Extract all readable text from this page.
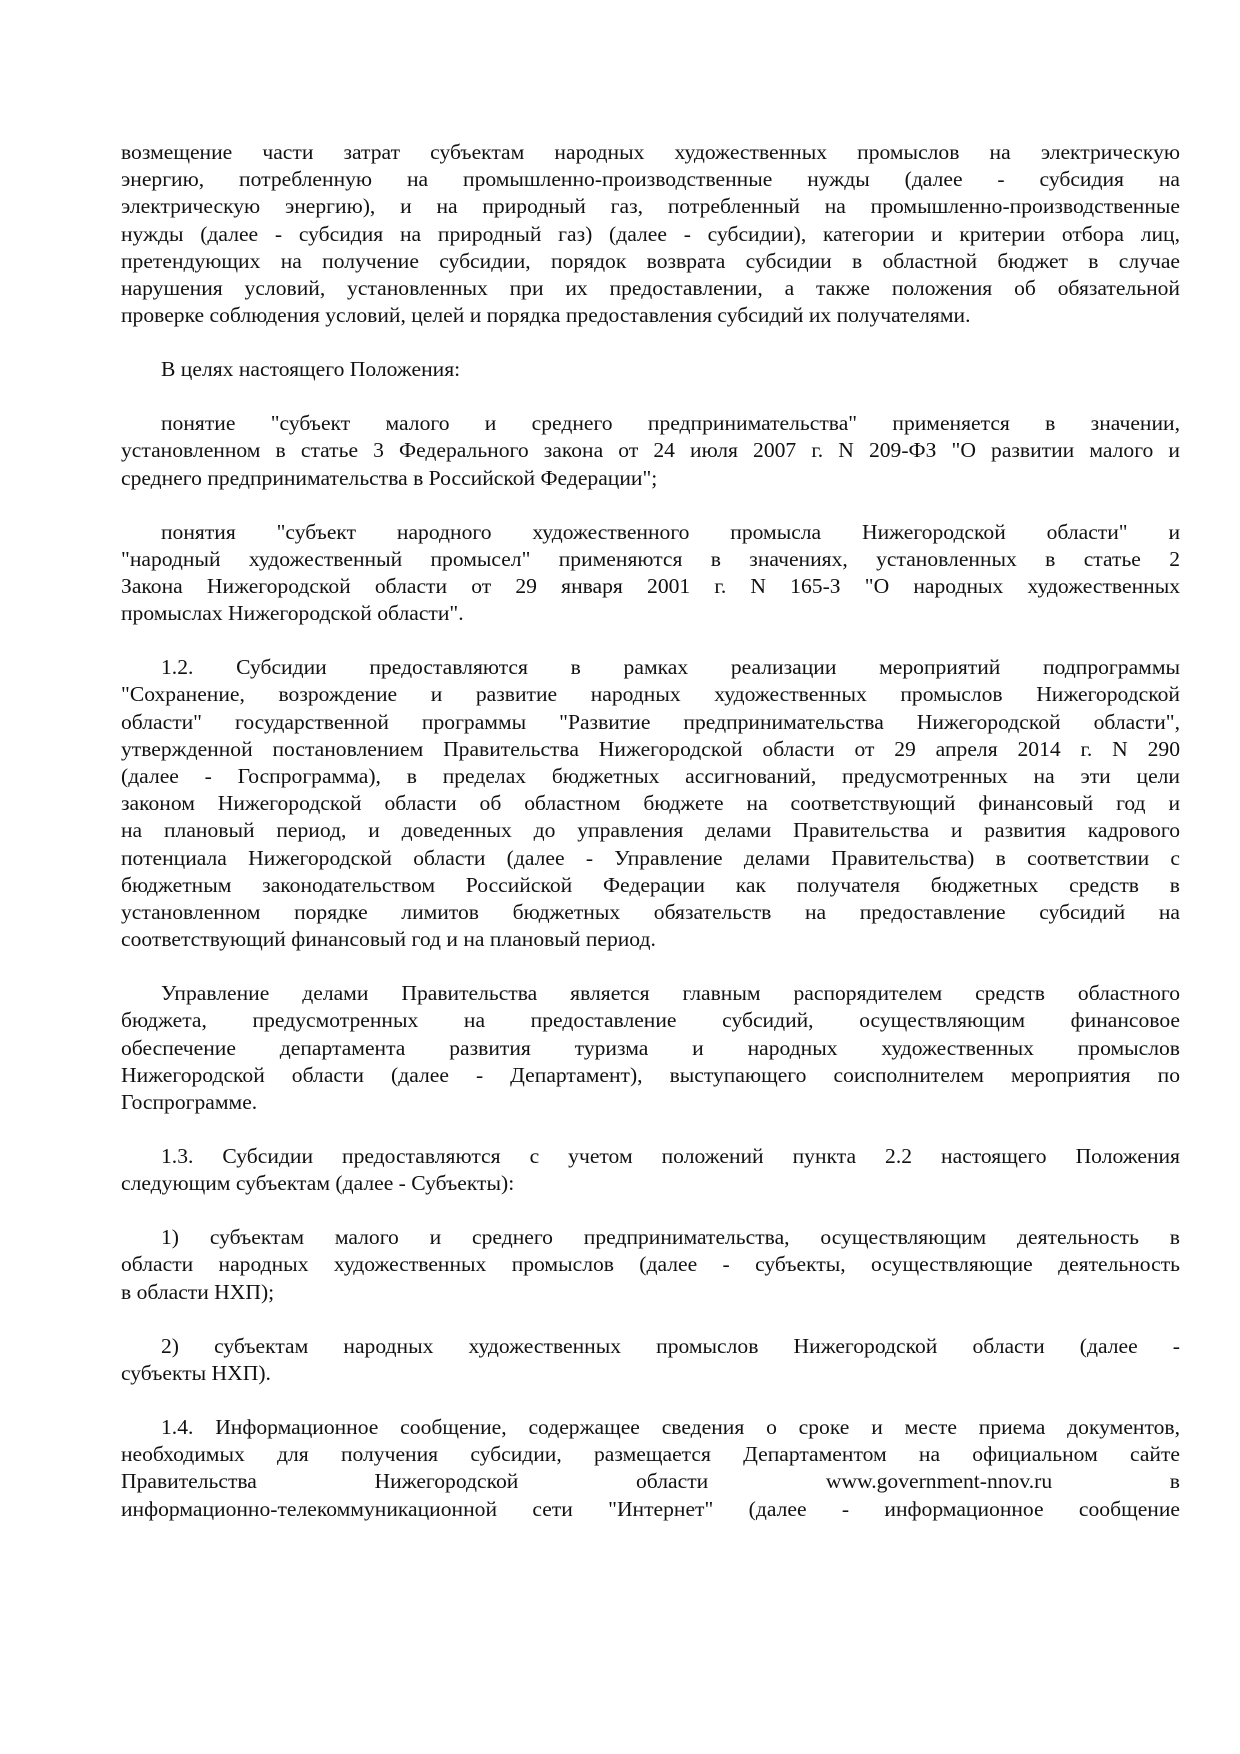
возмещение части затрат субъектам народных художественных промыслов на электрическую
энергию, потребленную на промышленно-производственные нужды (далее - субсидия на
электрическую энергию), и на природный газ, потребленный на промышленно-производственные
нужды (далее - субсидия на природный газ) (далее - субсидии), категории и критерии отбора лиц,
претендующих на получение субсидии, порядок возврата субсидии в областной бюджет в случае
нарушения условий, установленных при их предоставлении, а также положения об обязательной
проверке соблюдения условий, целей и порядка предоставления субсидий их получателями.
В целях настоящего Положения:
понятие "субъект малого и среднего предпринимательства" применяется в значении,
установленном в статье 3 Федерального закона от 24 июля 2007 г. N 209-ФЗ "О развитии малого и
среднего предпринимательства в Российской Федерации";
понятия "субъект народного художественного промысла Нижегородской области" и
"народный художественный промысел" применяются в значениях, установленных в статье 2
Закона Нижегородской области от 29 января 2001 г. N 165-З "О народных художественных
промыслах Нижегородской области".
1.2. Субсидии предоставляются в рамках реализации мероприятий подпрограммы
"Сохранение, возрождение и развитие народных художественных промыслов Нижегородской
области" государственной программы "Развитие предпринимательства Нижегородской области",
утвержденной постановлением Правительства Нижегородской области от 29 апреля 2014 г. N 290
(далее - Госпрограмма), в пределах бюджетных ассигнований, предусмотренных на эти цели
законом Нижегородской области об областном бюджете на соответствующий финансовый год и
на плановый период, и доведенных до управления делами Правительства и развития кадрового
потенциала Нижегородской области (далее - Управление делами Правительства) в соответствии с
бюджетным законодательством Российской Федерации как получателя бюджетных средств в
установленном порядке лимитов бюджетных обязательств на предоставление субсидий на
соответствующий финансовый год и на плановый период.
Управление делами Правительства является главным распорядителем средств областного
бюджета, предусмотренных на предоставление субсидий, осуществляющим финансовое
обеспечение департамента развития туризма и народных художественных промыслов
Нижегородской области (далее - Департамент), выступающего соисполнителем мероприятия по
Госпрограмме.
1.3. Субсидии предоставляются с учетом положений пункта 2.2 настоящего Положения
следующим субъектам (далее - Субъекты):
1) субъектам малого и среднего предпринимательства, осуществляющим деятельность в
области народных художественных промыслов (далее - субъекты, осуществляющие деятельность
в области НХП);
2) субъектам народных художественных промыслов Нижегородской области (далее -
субъекты НХП).
1.4. Информационное сообщение, содержащее сведения о сроке и месте приема документов,
необходимых для получения субсидии, размещается Департаментом на официальном сайте
Правительства Нижегородской области www.government-nnov.ru в
информационно-телекоммуникационной сети "Интернет" (далее - информационное сообщение
